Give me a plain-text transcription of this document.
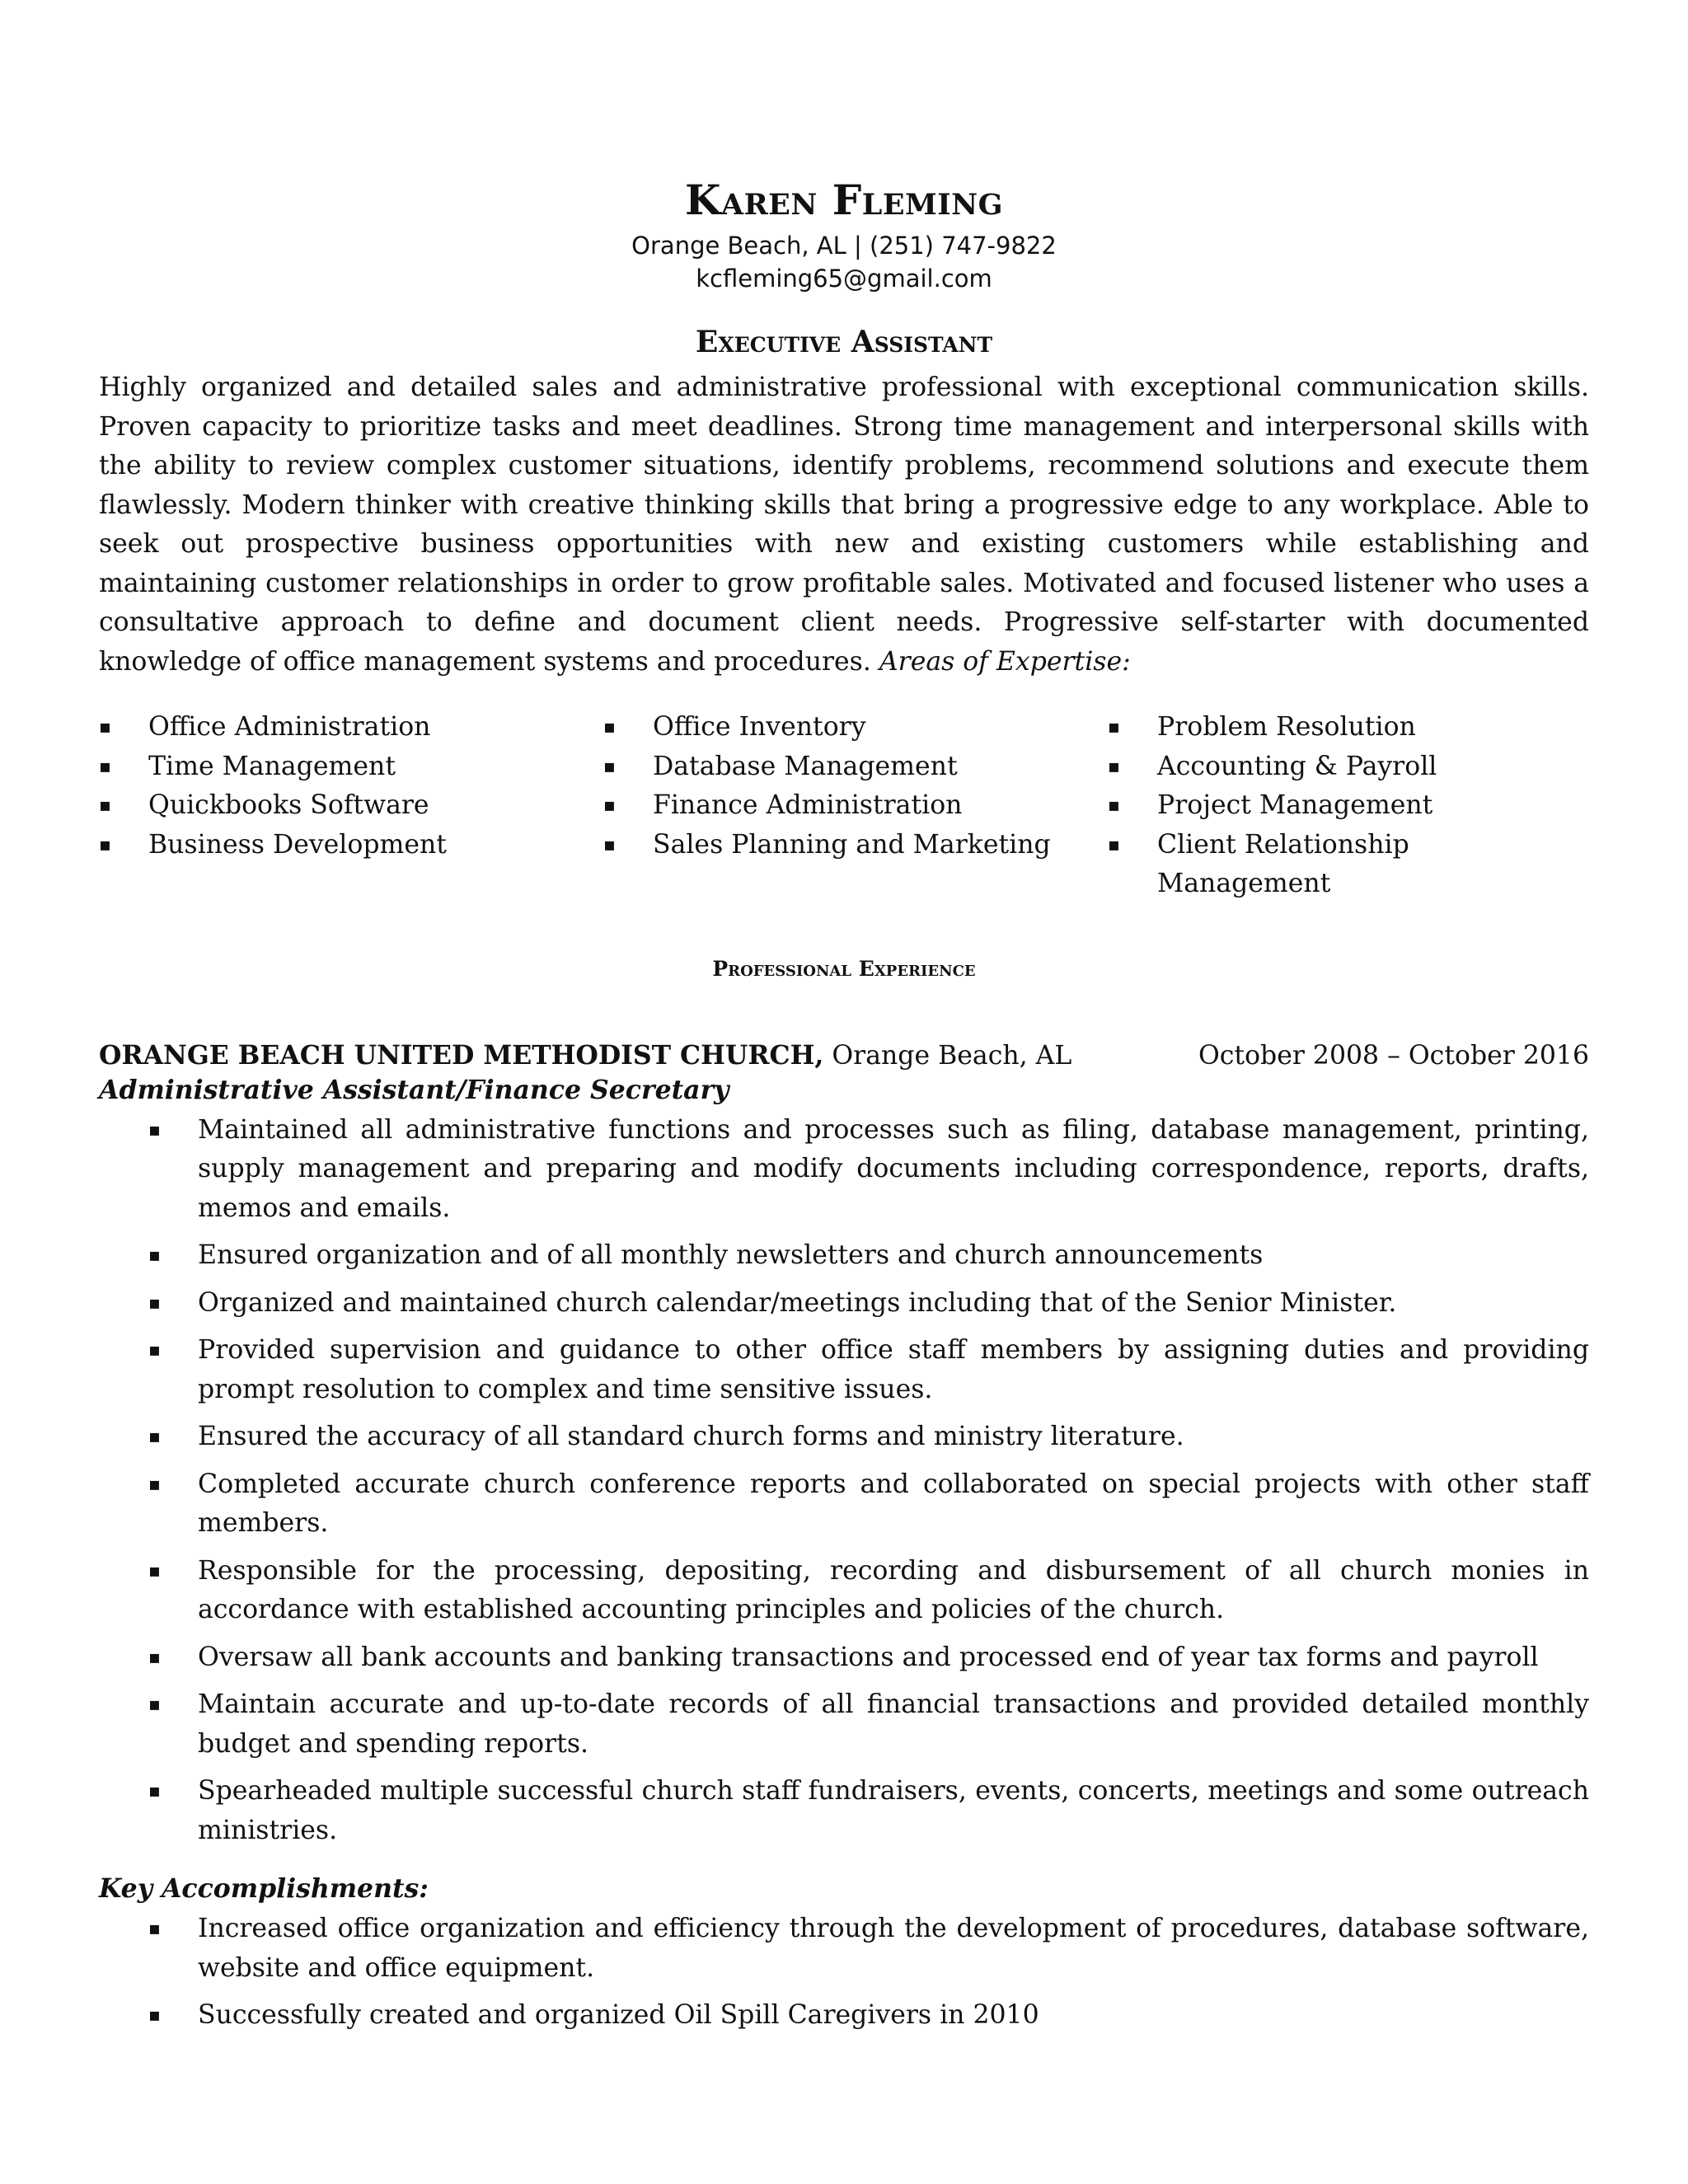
Karen Fleming
Orange Beach, AL | (251) 747-9822
kcfleming65@gmail.com
Executive Assistant

Highly organized and detailed sales and administrative professional with exceptional communication skills. Proven capacity to prioritize tasks and meet deadlines. Strong time management and interpersonal skills with the ability to review complex customer situations, identify problems, recommend solutions and execute them flawlessly. Modern thinker with creative thinking skills that bring a progressive edge to any workplace. Able to seek out prospective business opportunities with new and existing customers while establishing and maintaining customer relationships in order to grow profitable sales. Motivated and focused listener who uses a consultative approach to define and document client needs. Progressive self-starter with documented knowledge of office management systems and procedures. Areas of Expertise:

▪ Office Administration
▪ Time Management
▪ Quickbooks Software
▪ Business Development
▪ Office Inventory
▪ Database Management
▪ Finance Administration
▪ Sales Planning and Marketing
▪ Problem Resolution
▪ Accounting & Payroll
▪ Project Management
▪ Client Relationship Management
Professional Experience
ORANGE BEACH UNITED METHODIST CHURCH, Orange Beach, AL	October 2008 – October 2016

Administrative Assistant/Finance Secretary

▪ Maintained all administrative functions and processes such as filing, database management, printing, supply management and preparing and modify documents including correspondence, reports, drafts, memos and emails.
▪ Ensured organization and of all monthly newsletters and church announcements
▪ Organized and maintained church calendar/meetings including that of the Senior Minister.
▪ Provided supervision and guidance to other office staff members by assigning duties and providing prompt resolution to complex and time sensitive issues.
▪ Ensured the accuracy of all standard church forms and ministry literature.
▪ Completed accurate church conference reports and collaborated on special projects with other staff members.
▪ Responsible for the processing, depositing, recording and disbursement of all church monies in accordance with established accounting principles and policies of the church.
▪ Oversaw all bank accounts and banking transactions and processed end of year tax forms and payroll
▪ Maintain accurate and up-to-date records of all financial transactions and provided detailed monthly budget and spending reports.
▪ Spearheaded multiple successful church staff fundraisers, events, concerts, meetings and some outreach ministries.

Key Accomplishments:

▪ Increased office organization and efficiency through the development of procedures, database software, website and office equipment.
▪ Successfully created and organized Oil Spill Caregivers in 2010
